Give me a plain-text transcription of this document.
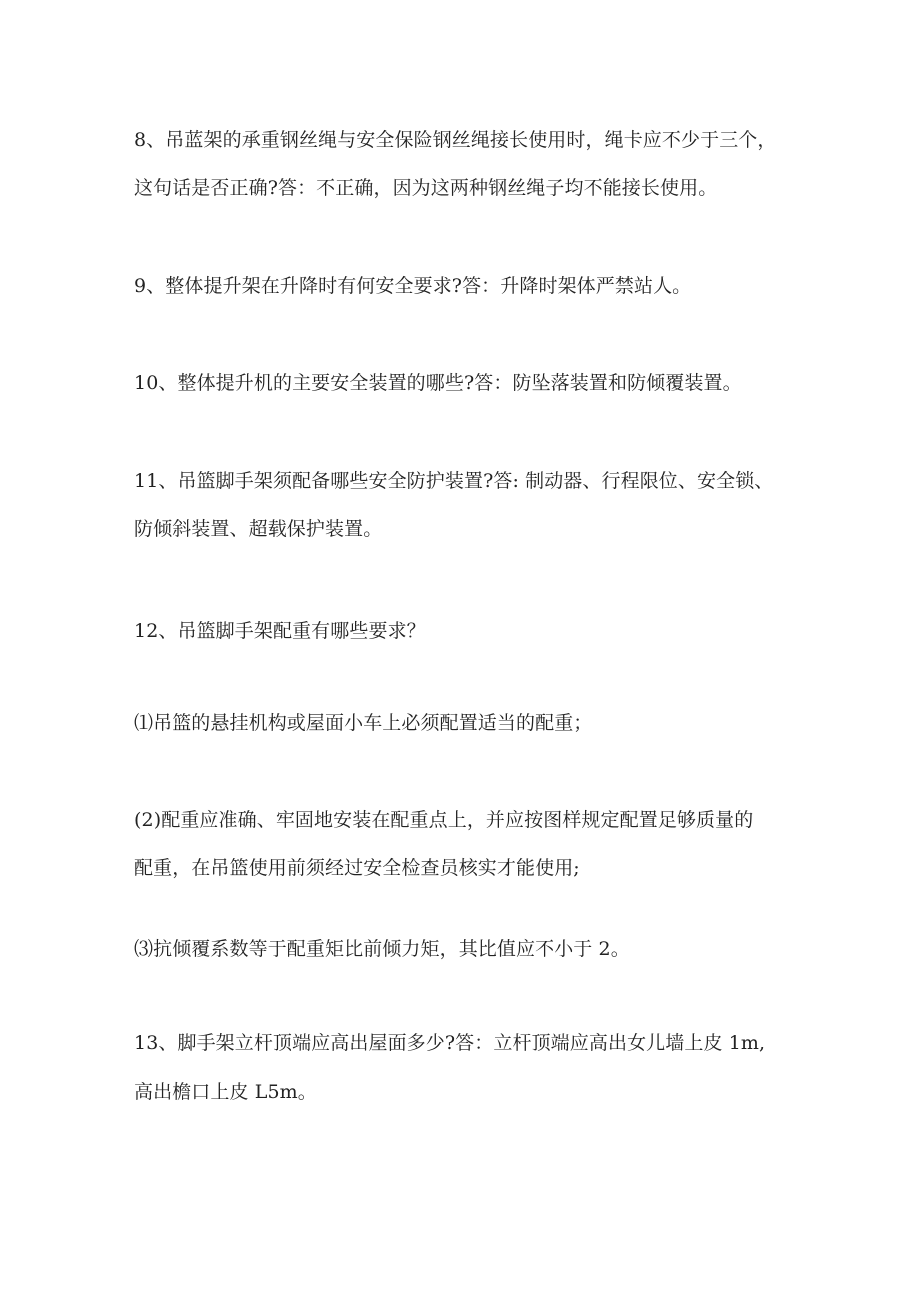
8、吊蓝架的承重钢丝绳与安全保险钢丝绳接长使用时，绳卡应不少于三个，
这句话是否正确?答：不正确，因为这两种钢丝绳子均不能接长使用。
9、整体提升架在升降时有何安全要求?答：升降时架体严禁站人。
10、整体提升机的主要安全装置的哪些?答：防坠落装置和防倾覆装置。
11、吊篮脚手架须配备哪些安全防护装置?答: 制动器、行程限位、安全锁、
防倾斜装置、超载保护装置。
12、吊篮脚手架配重有哪些要求？
⑴吊篮的悬挂机构或屋面小车上必须配置适当的配重；
(2)配重应准确、牢固地安装在配重点上，并应按图样规定配置足够质量的
配重，在吊篮使用前须经过安全检查员核实才能使用;
⑶抗倾覆系数等于配重矩比前倾力矩，其比值应不小于 2。
13、脚手架立杆顶端应高出屋面多少?答：立杆顶端应高出女儿墙上皮 1m,
高出檐口上皮 L5m。
